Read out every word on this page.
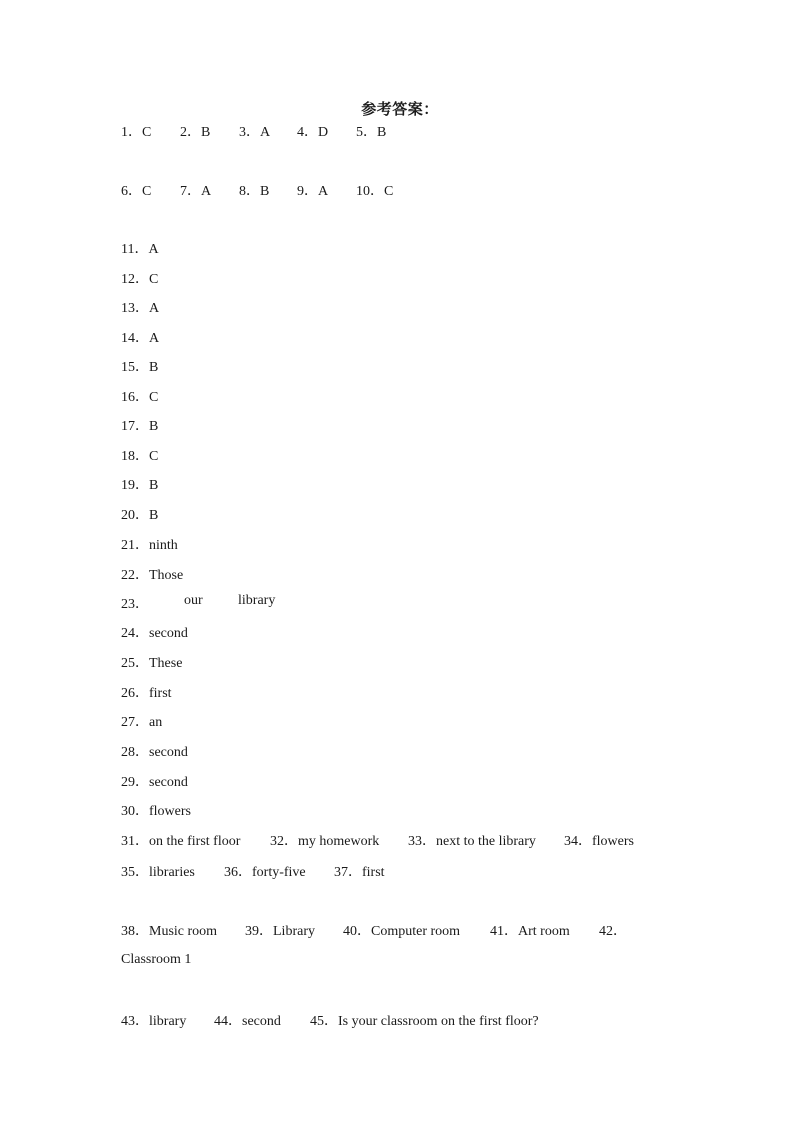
参考答案：
1．C 2．B 3．A 4．D 5．B
6．C 7．A 8．B 9．A 10．C
11．A
12．C
13．A
14．A
15．B
16．C
17．B
18．C
19．B
20．B
21．ninth
22．Those
23．	our	library
24．second
25．These
26．first
27．an
28．second
29．second
30．flowers
31．on the first floor 32．my homework 33．next to the library 34．flowers
35．libraries 36．forty-five 37．first
38．Music room 39．Library 40．Computer room 41．Art room 42．
Classroom 1
43．library 44．second 45．Is your classroom on the first floor?
